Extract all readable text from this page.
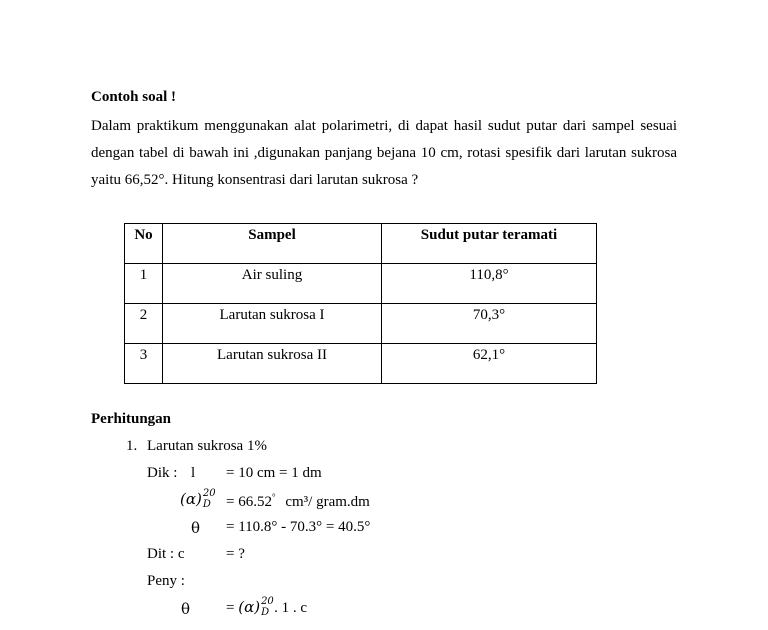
Contoh soal !
Dalam praktikum menggunakan alat polarimetri, di dapat hasil sudut putar dari sampel sesuai dengan tabel di bawah ini ,digunakan panjang bejana 10 cm, rotasi spesifik dari larutan sukrosa yaitu 66,52°. Hitung konsentrasi dari larutan sukrosa ?
No	Sampel	Sudut putar teramati
1	Air suling	110,8°
2	Larutan sukrosa I	70,3°
3	Larutan sukrosa II	62,1°
Perhitungan
1. Larutan sukrosa 1%
Dik : l = 10 cm = 1 dm
(α) 20
D = 66.52° cm³/ gram.dm
θ = 110.8° - 70.3° = 40.5°
Dit : c	= ?
Peny :
θ = (α) 20
D . 1 . c
